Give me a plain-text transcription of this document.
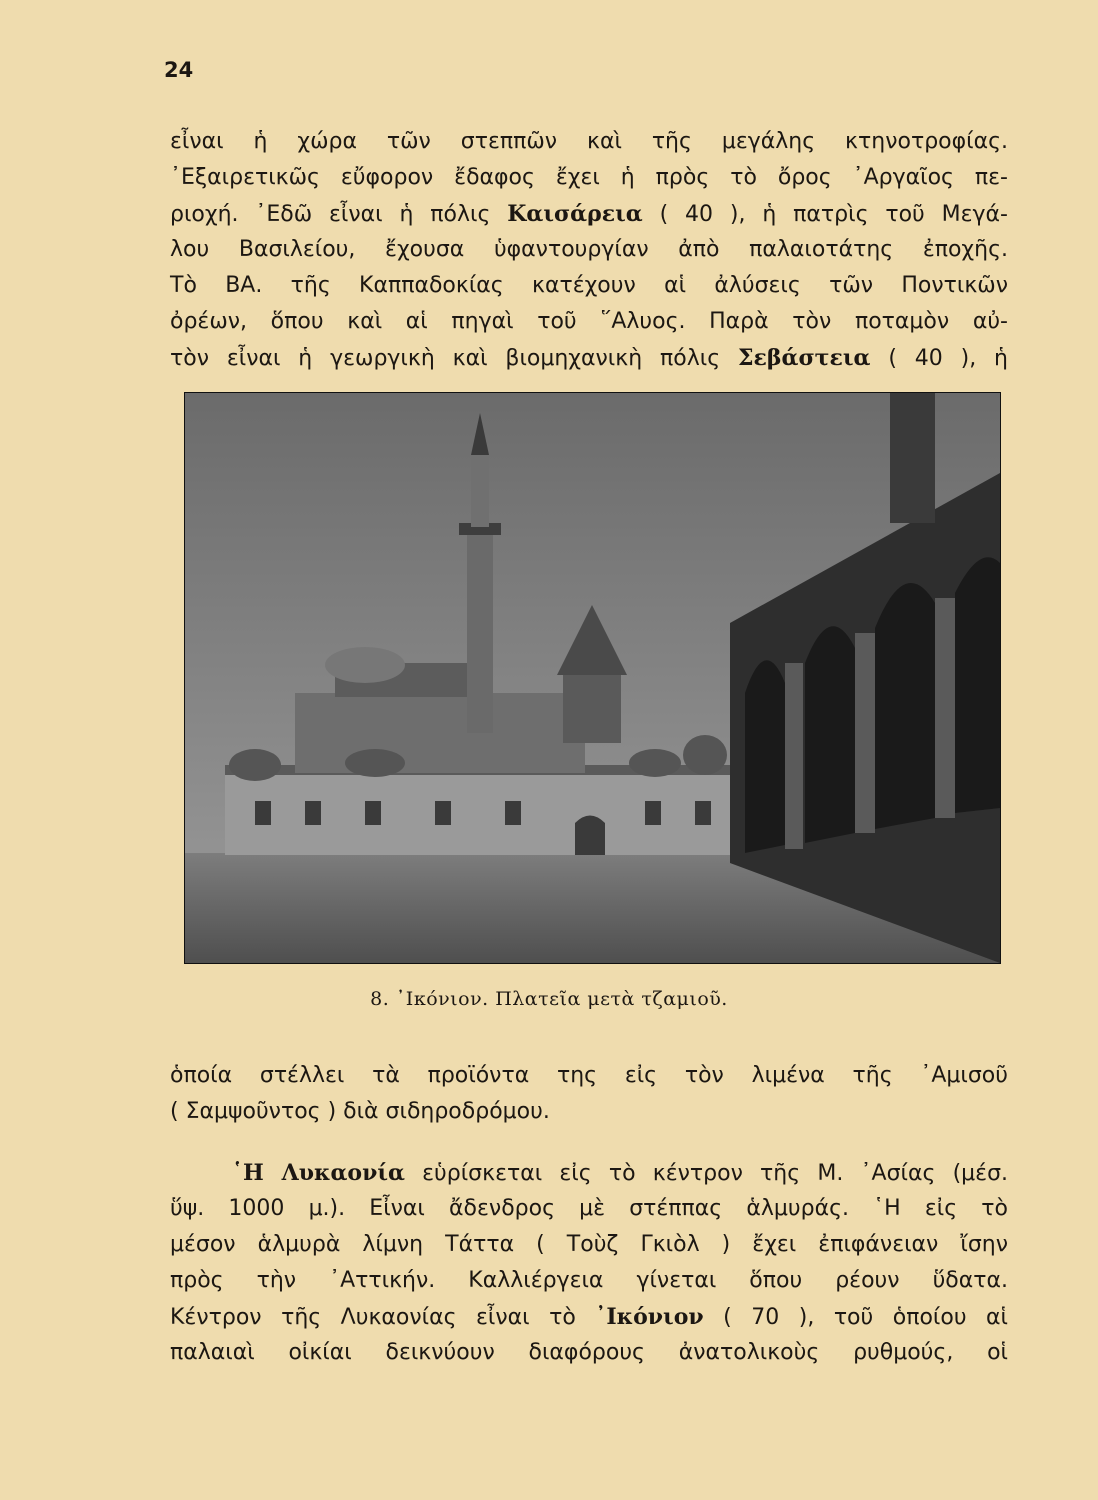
24

εἶναι ἡ χώρα τῶν στεππῶν καὶ τῆς μεγάλης κτηνοτροφίας.
᾿Εξαιρετικῶς εὔφορον ἔδαφος ἔχει ἡ πρὸς τὸ ὄρος ᾿Αργαῖος πε-
ριοχή. ᾿Εδῶ εἶναι ἡ πόλις Καισάρεια ( 40 ), ἡ πατρὶς τοῦ Μεγά-
λου Βασιλείου, ἔχουσα ὑφαντουργίαν ἀπὸ παλαιοτάτης ἐποχῆς.
Τὸ ΒΑ. τῆς Καππαδοκίας κατέχουν αἱ ἀλύσεις τῶν Ποντικῶν
ὀρέων, ὅπου καὶ αἱ πηγαὶ τοῦ ῞Αλυος. Παρὰ τὸν ποταμὸν αὐ-
τὸν εἶναι ἡ γεωργικὴ καὶ βιομηχανικὴ πόλις Σεβάστεια ( 40 ), ἡ

8. ᾿Ικόνιον. Πλατεῖα μετὰ τζαμιοῦ.

ὁποία στέλλει τὰ προϊόντα της εἰς τὸν λιμένα τῆς ᾿Αμισοῦ
( Σαμψοῦντος ) διὰ σιδηροδρόμου.

῾Η Λυκαονία εὑρίσκεται εἰς τὸ κέντρον τῆς Μ. ᾿Ασίας (μέσ.
ὕψ. 1000 μ.). Εἶναι ἄδενδρος μὲ στέππας ἁλμυράς. ῾Η εἰς τὸ
μέσον ἁλμυρὰ λίμνη Τάττα ( Τοὺζ Γκιὸλ ) ἔχει ἐπιφάνειαν ἴσην
πρὸς τὴν ᾿Αττικήν. Καλλιέργεια γίνεται ὅπου ρέουν ὕδατα.
Κέντρον τῆς Λυκαονίας εἶναι τὸ ᾿Ικόνιον ( 70 ), τοῦ ὁποίου αἱ
παλαιαὶ οἰκίαι δεικνύουν διαφόρους ἀνατολικοὺς ρυθμούς, οἱ
